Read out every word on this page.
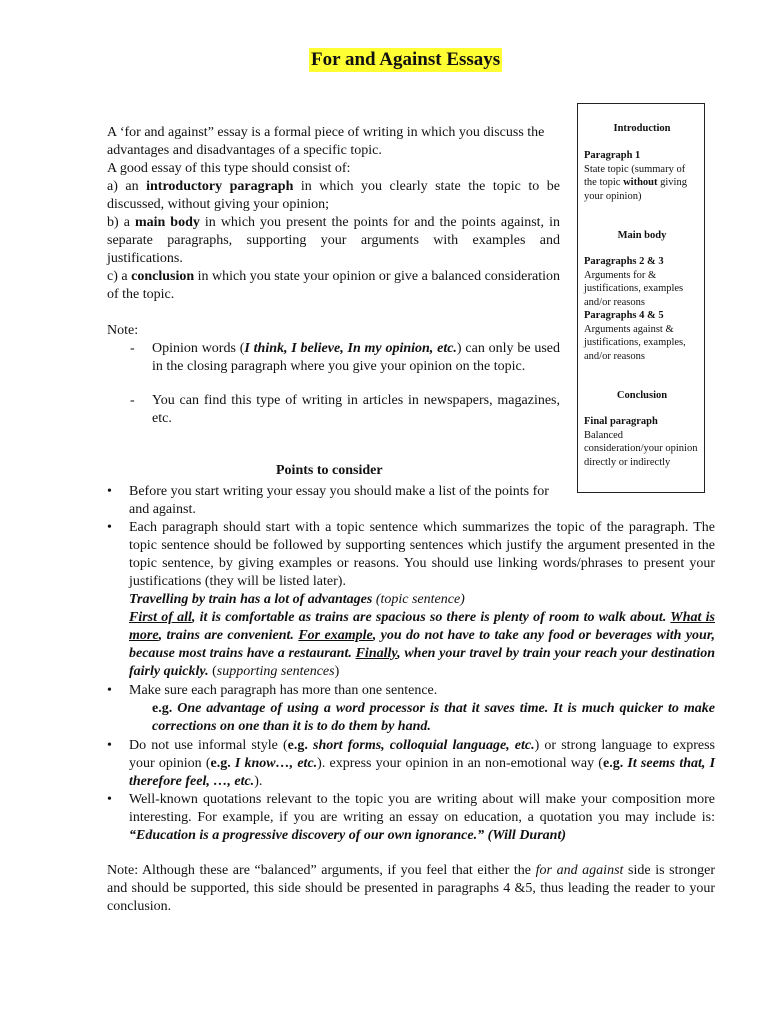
For and Against Essays
Introduction
Paragraph 1
State topic (summary of the topic without giving your opinion)
Main body
Paragraphs 2 & 3
Arguments for & justifications, examples and/or reasons
Paragraphs 4 & 5
Arguments against & justifications, examples, and/or reasons
Conclusion
Final paragraph
Balanced consideration/your opinion directly or indirectly
A ‘for and against” essay is a formal piece of writing in which you discuss the advantages and disadvantages of a specific topic.
A good essay of this type should consist of:
a) an introductory paragraph in which you clearly state the topic to be discussed, without giving your opinion;
b) a main body in which you present the points for and the points against, in separate paragraphs, supporting your arguments with examples and justifications.
c) a conclusion in which you state your opinion or give a balanced consideration of the topic.
Note:
- Opinion words (I think, I believe, In my opinion, etc.) can only be used in the closing paragraph where you give your opinion on the topic.
- You can find this type of writing in articles in newspapers, magazines, etc.
Points to consider
• Before you start writing your essay you should make a list of the points for and against.
• Each paragraph should start with a topic sentence which summarizes the topic of the paragraph. The topic sentence should be followed by supporting sentences which justify the argument presented in the topic sentence, by giving examples or reasons. You should use linking words/phrases to present your justifications (they will be listed later).
Travelling by train has a lot of advantages (topic sentence)
First of all, it is comfortable as trains are spacious so there is plenty of room to walk about. What is more, trains are convenient. For example, you do not have to take any food or beverages with your, because most trains have a restaurant. Finally, when your travel by train your reach your destination fairly quickly. (supporting sentences)
• Make sure each paragraph has more than one sentence.
e.g. One advantage of using a word processor is that it saves time. It is much quicker to make corrections on one than it is to do them by hand.
• Do not use informal style (e.g. short forms, colloquial language, etc.) or strong language to express your opinion (e.g. I know…, etc.). express your opinion in an non-emotional way (e.g. It seems that, I therefore feel, …, etc.).
• Well-known quotations relevant to the topic you are writing about will make your composition more interesting. For example, if you are writing an essay on education, a quotation you may include is: “Education is a progressive discovery of our own ignorance.” (Will Durant)
Note: Although these are “balanced” arguments, if you feel that either the for and against side is stronger and should be supported, this side should be presented in paragraphs 4 &5, thus leading the reader to your conclusion.
